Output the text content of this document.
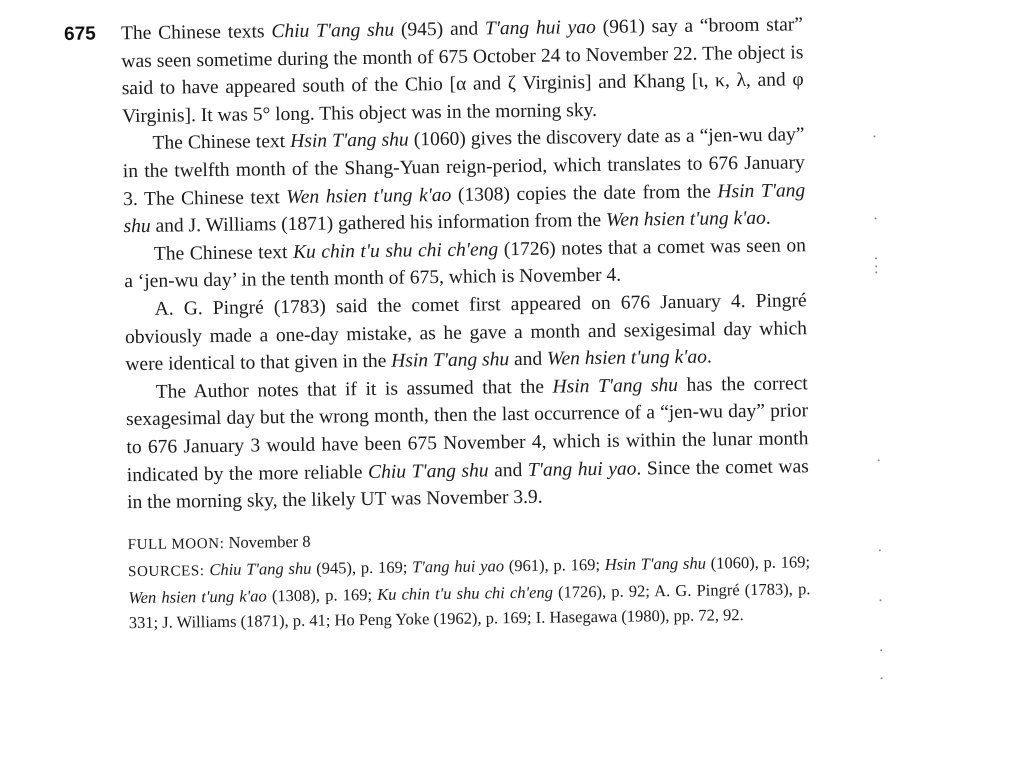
675 The Chinese texts Chiu T'ang shu (945) and T'ang hui yao (961) say a “broom star” was seen sometime during the month of 675 October 24 to November 22. The object is said to have appeared south of the Chio [α and ζ Virginis] and Khang [ι, κ, λ, and φ Virginis]. It was 5° long. This object was in the morning sky.

The Chinese text Hsin T'ang shu (1060) gives the discovery date as a “jen-wu day” in the twelfth month of the Shang-Yuan reign-period, which translates to 676 January 3. The Chinese text Wen hsien t'ung k'ao (1308) copies the date from the Hsin T'ang shu and J. Williams (1871) gathered his information from the Wen hsien t'ung k'ao.

The Chinese text Ku chin t'u shu chi ch'eng (1726) notes that a comet was seen on a ‘jen-wu day’ in the tenth month of 675, which is November 4.

A. G. Pingré (1783) said the comet first appeared on 676 January 4. Pingré obviously made a one-day mistake, as he gave a month and sexigesimal day which were identical to that given in the Hsin T'ang shu and Wen hsien t'ung k'ao.

The Author notes that if it is assumed that the Hsin T'ang shu has the correct sexagesimal day but the wrong month, then the last occurrence of a “jen-wu day” prior to 676 January 3 would have been 675 November 4, which is within the lunar month indicated by the more reliable Chiu T'ang shu and T'ang hui yao. Since the comet was in the morning sky, the likely UT was November 3.9.

FULL MOON: November 8

SOURCES: Chiu T'ang shu (945), p. 169; T'ang hui yao (961), p. 169; Hsin T'ang shu (1060), p. 169; Wen hsien t'ung k'ao (1308), p. 169; Ku chin t'u shu chi ch'eng (1726), p. 92; A. G. Pingré (1783), p. 331; J. Williams (1871), p. 41; Ho Peng Yoke (1962), p. 169; I. Hasegawa (1980), pp. 72, 92.
